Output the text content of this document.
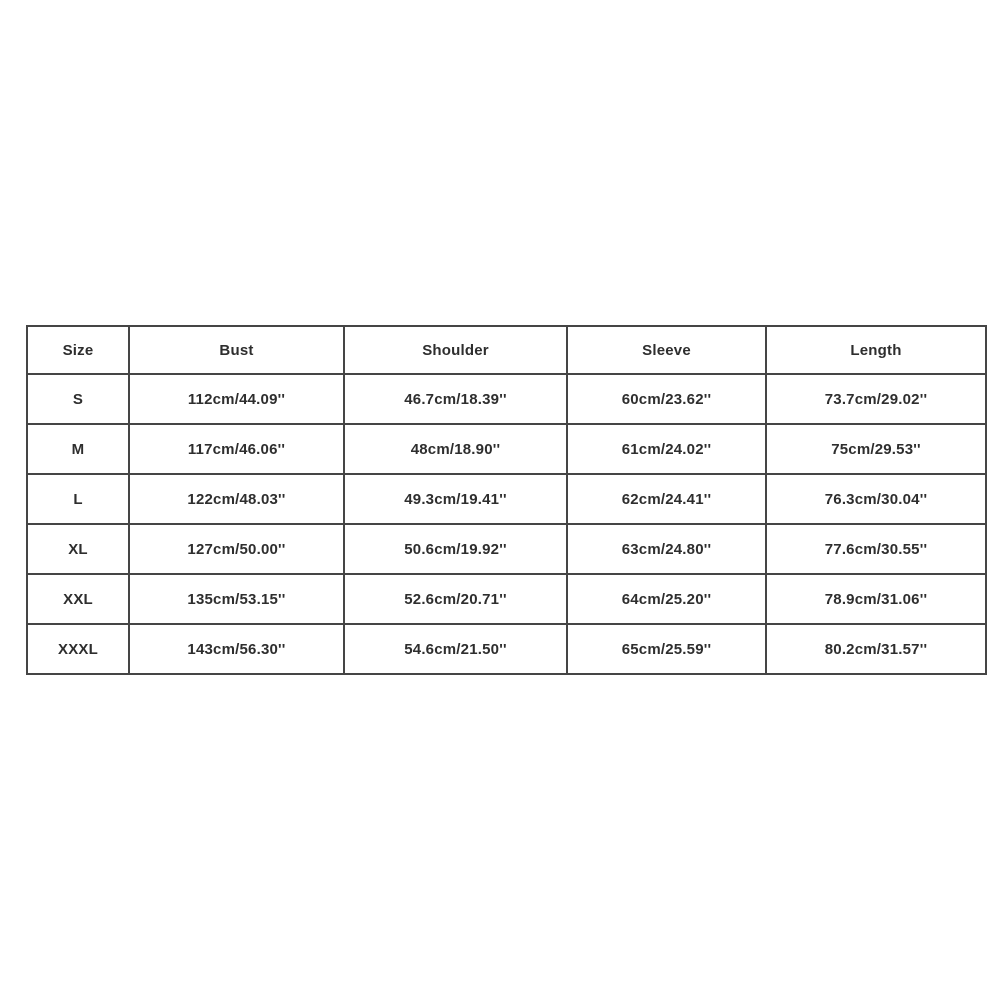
Size	Bust	Shoulder	Sleeve	Length
S	112cm/44.09''	46.7cm/18.39''	60cm/23.62''	73.7cm/29.02''
M	117cm/46.06''	48cm/18.90''	61cm/24.02''	75cm/29.53''
L	122cm/48.03''	49.3cm/19.41''	62cm/24.41''	76.3cm/30.04''
XL	127cm/50.00''	50.6cm/19.92''	63cm/24.80''	77.6cm/30.55''
XXL	135cm/53.15''	52.6cm/20.71''	64cm/25.20''	78.9cm/31.06''
XXXL	143cm/56.30''	54.6cm/21.50''	65cm/25.59''	80.2cm/31.57''
